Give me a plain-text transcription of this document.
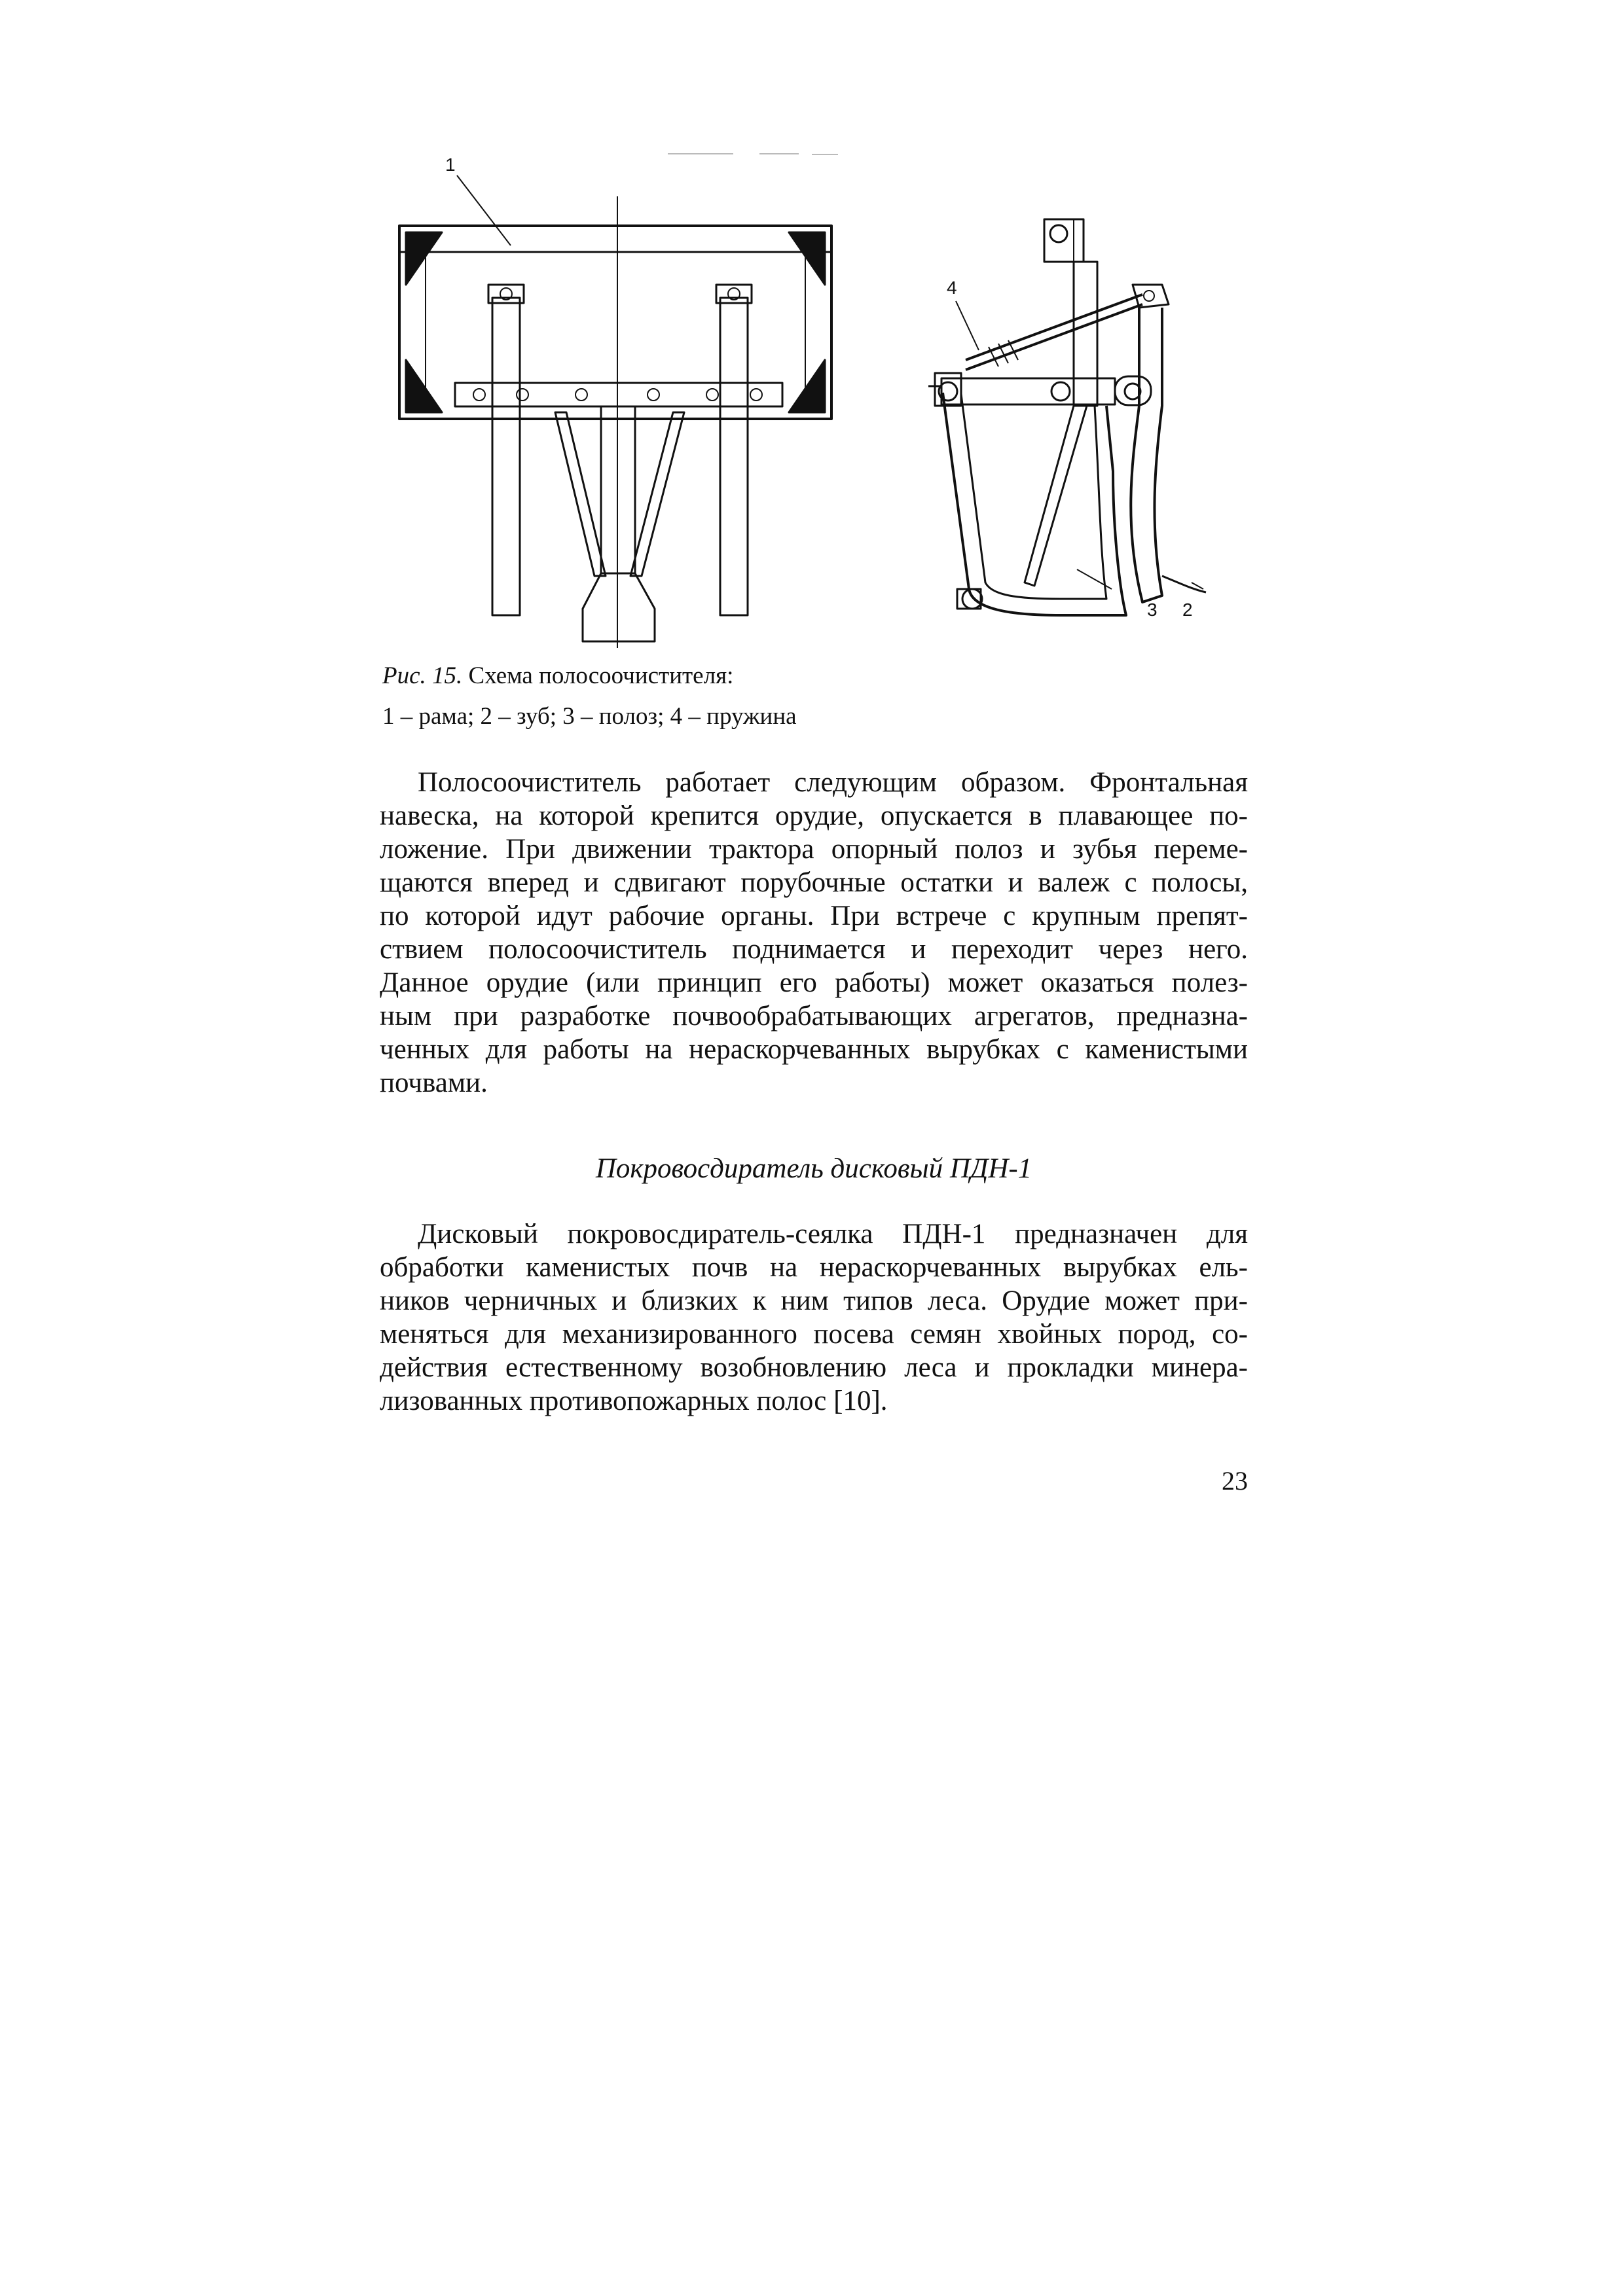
1
2
3
4
Рис. 15. Схема полосоочистителя:
1 – рама; 2 – зуб; 3 – полоз; 4 – пружина
Полосоочиститель работает следующим образом. Фронтальная
навеска, на которой крепится орудие, опускается в плавающее по-
ложение. При движении трактора опорный полоз и зубья переме-
щаются вперед и сдвигают порубочные остатки и валеж с полосы,
по которой идут рабочие органы. При встрече с крупным препят-
ствием полосоочиститель поднимается и переходит через него.
Данное орудие (или принцип его работы) может оказаться полез-
ным при разработке почвообрабатывающих агрегатов, предназна-
ченных для работы на нераскорчеванных вырубках с каменистыми
почвами.
Покровосдиратель дисковый ПДН-1
Дисковый покровосдиратель-сеялка ПДН-1 предназначен для
обработки каменистых почв на нераскорчеванных вырубках ель-
ников черничных и близких к ним типов леса. Орудие может при-
меняться для механизированного посева семян хвойных пород, со-
действия естественному возобновлению леса и прокладки минера-
лизованных противопожарных полос [10].
23
